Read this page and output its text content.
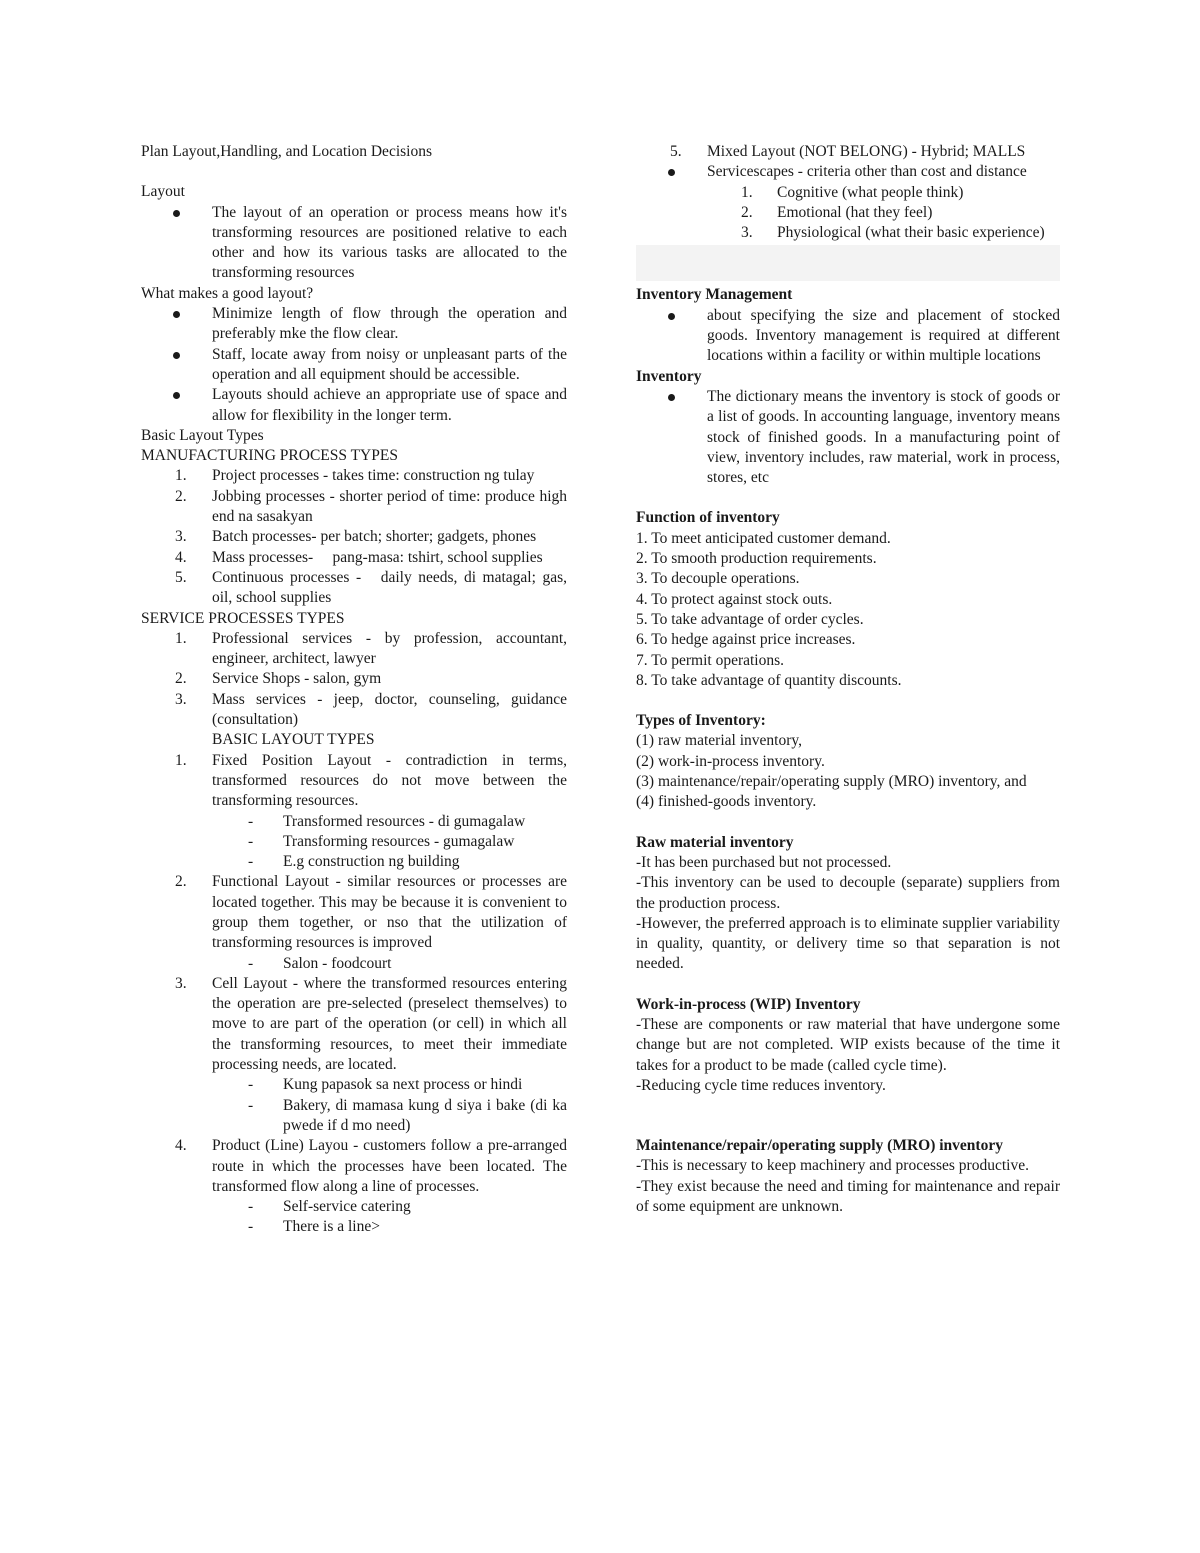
Plan Layout,Handling, and Location Decisions

Layout

The layout of an operation or process means how it's transforming resources are positioned relative to each other and how its various tasks are allocated to the transforming resources

What makes a good layout?

Minimize length of flow through the operation and preferably mke the flow clear.
Staff, locate away from noisy or unpleasant parts of the operation and all equipment should be accessible.
Layouts should achieve an appropriate use of space and allow for flexibility in the longer term.

Basic Layout Types

MANUFACTURING PROCESS TYPES

1. Project processes - takes time: construction ng tulay
2. Jobbing processes - shorter period of time: produce high end na sasakyan
3. Batch processes- per batch; shorter; gadgets, phones
4. Mass processes-     pang-masa: tshirt, school supplies
5. Continuous processes -   daily needs, di matagal; gas, oil, school supplies

SERVICE PROCESSES TYPES

1. Professional services - by profession, accountant, engineer, architect, lawyer
2. Service Shops - salon, gym
3. Mass services - jeep, doctor, counseling, guidance (consultation)

BASIC LAYOUT TYPES

1. Fixed Position Layout - contradiction in terms, transformed resources do not move between the transforming resources.
-	Transformed resources - di gumagalaw
-	Transforming resources - gumagalaw
-	E.g construction ng building
2. Functional Layout - similar resources or processes are located together. This may be because it is convenient to group them together, or nso that the utilization of transforming resources is improved
-	Salon - foodcourt
3. Cell Layout - where the transformed resources entering the operation are pre-selected (preselect themselves) to move to are part of the operation (or cell) in which all the transforming resources, to meet their immediate processing needs, are located.
-	Kung papasok sa next process or hindi
-	Bakery, di mamasa kung d siya i bake (di ka pwede if d mo need)
4. Product (Line) Layou - customers follow a pre-arranged route in which the processes have been located. The transformed flow along a line of processes.
-	Self-service catering
-	There is a line>
5. Mixed Layout (NOT BELONG) - Hybrid; MALLS
Servicescapes - criteria other than cost and distance
1. Cognitive (what people think)
2. Emotional (hat they feel)
3. Physiological (what their basic experience)

Inventory Management

about specifying the size and placement of stocked goods. Inventory management is required at different locations within a facility or within multiple locations

Inventory

The dictionary means the inventory is stock of goods or a list of goods. In accounting language, inventory means stock of finished goods. In a manufacturing point of view, inventory includes, raw material, work in process, stores, etc

Function of inventory

1. To meet anticipated customer demand.

2. To smooth production requirements.

3. To decouple operations.

4. To protect against stock outs.

5. To take advantage of order cycles.

6. To hedge against price increases.

7. To permit operations.

8. To take advantage of quantity discounts.

Types of Inventory:

(1) raw material inventory,

(2) work-in-process inventory.

(3) maintenance/repair/operating supply (MRO) inventory, and

(4) finished-goods inventory.

Raw material inventory

-It has been purchased but not processed.

-This inventory can be used to decouple (separate) suppliers from the production process.

-However, the preferred approach is to eliminate supplier variability in quality, quantity, or delivery time so that separation is not needed.

Work-in-process (WIP) Inventory

-These are components or raw material that have undergone some change but are not completed. WIP exists because of the time it takes for a product to be made (called cycle time).

-Reducing cycle time reduces inventory.

Maintenance/repair/operating supply (MRO) inventory

-This is necessary to keep machinery and processes productive.

-They exist because the need and timing for maintenance and repair of some equipment are unknown.
